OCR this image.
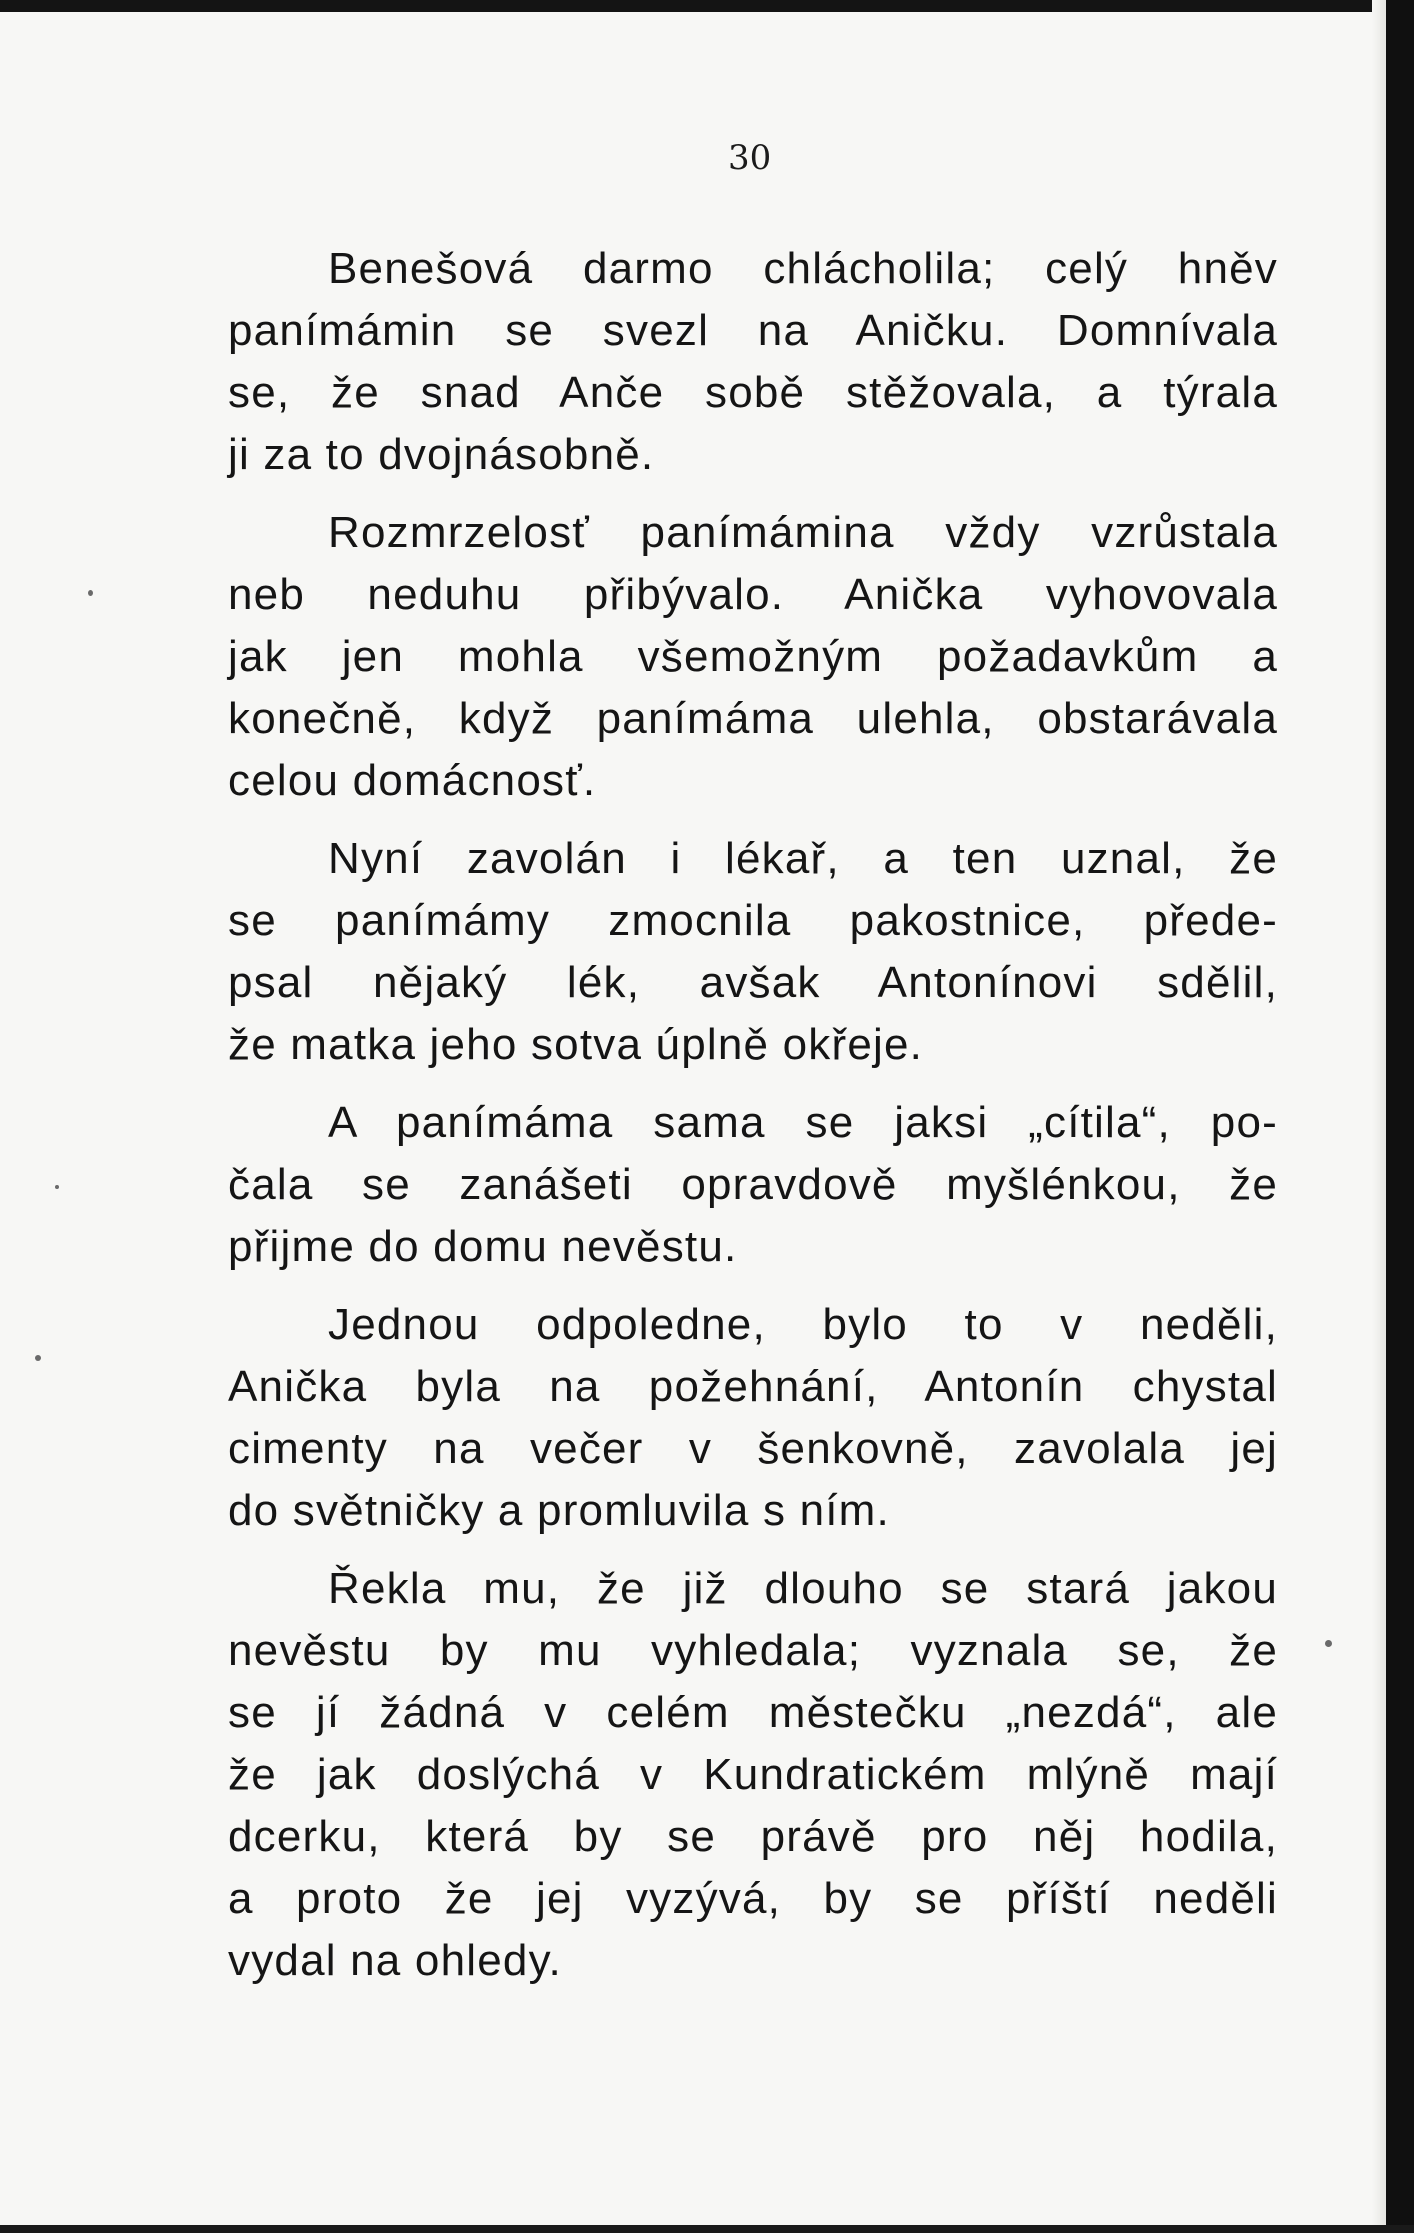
30
Benešová darmo chlácholila; celý hněv
panímámin se svezl na Aničku. Domnívala
se, že snad Anče sobě stěžovala, a týrala
ji za to dvojnásobně.
Rozmrzelosť panímámina vždy vzrůstala
neb neduhu přibývalo. Anička vyhovovala
jak jen mohla všemožným požadavkům a
konečně, když panímáma ulehla, obstarávala
celou domácnosť.
Nyní zavolán i lékař, a ten uznal, že
se panímámy zmocnila pakostnice, přede-
psal nějaký lék, avšak Antonínovi sdělil,
že matka jeho sotva úplně okřeje.
A panímáma sama se jaksi „cítila“, po-
čala se zanášeti opravdově myšlénkou, že
přijme do domu nevěstu.
Jednou odpoledne, bylo to v neděli,
Anička byla na požehnání, Antonín chystal
cimenty na večer v šenkovně, zavolala jej
do světničky a promluvila s ním.
Řekla mu, že již dlouho se stará jakou
nevěstu by mu vyhledala; vyznala se, že
se jí žádná v celém městečku „nezdá“, ale
že jak doslýchá v Kundratickém mlýně mají
dcerku, která by se právě pro něj hodila,
a proto že jej vyzývá, by se příští neděli
vydal na ohledy.
